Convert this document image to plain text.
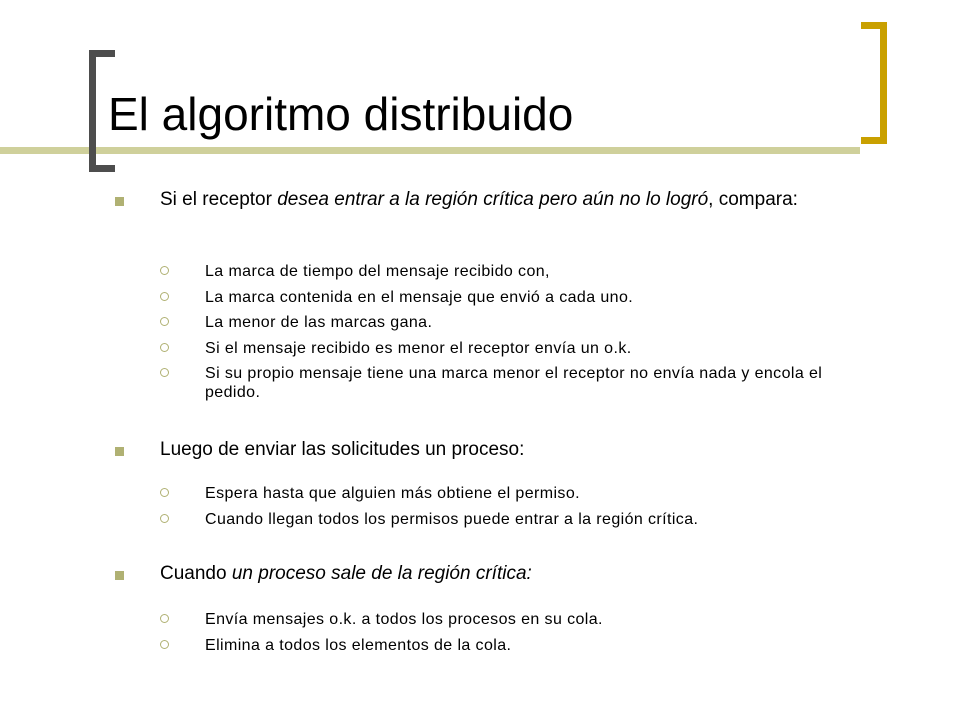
El algoritmo distribuido
Si el receptor desea entrar a la región crítica pero aún no lo logró, compara:
La marca de tiempo del mensaje recibido con,
La marca contenida en el mensaje que envió a cada uno.
La menor de las marcas gana.
Si el mensaje recibido es menor el receptor envía un o.k.
Si su propio mensaje tiene una marca menor el receptor no envía nada y encola el pedido.
Luego de enviar las solicitudes un proceso:
Espera hasta que alguien más obtiene el permiso.
Cuando llegan todos los permisos puede entrar a la región crítica.
Cuando un proceso sale de la región crítica:
Envía mensajes o.k. a todos los procesos en su cola.
Elimina a todos los elementos de la cola.
